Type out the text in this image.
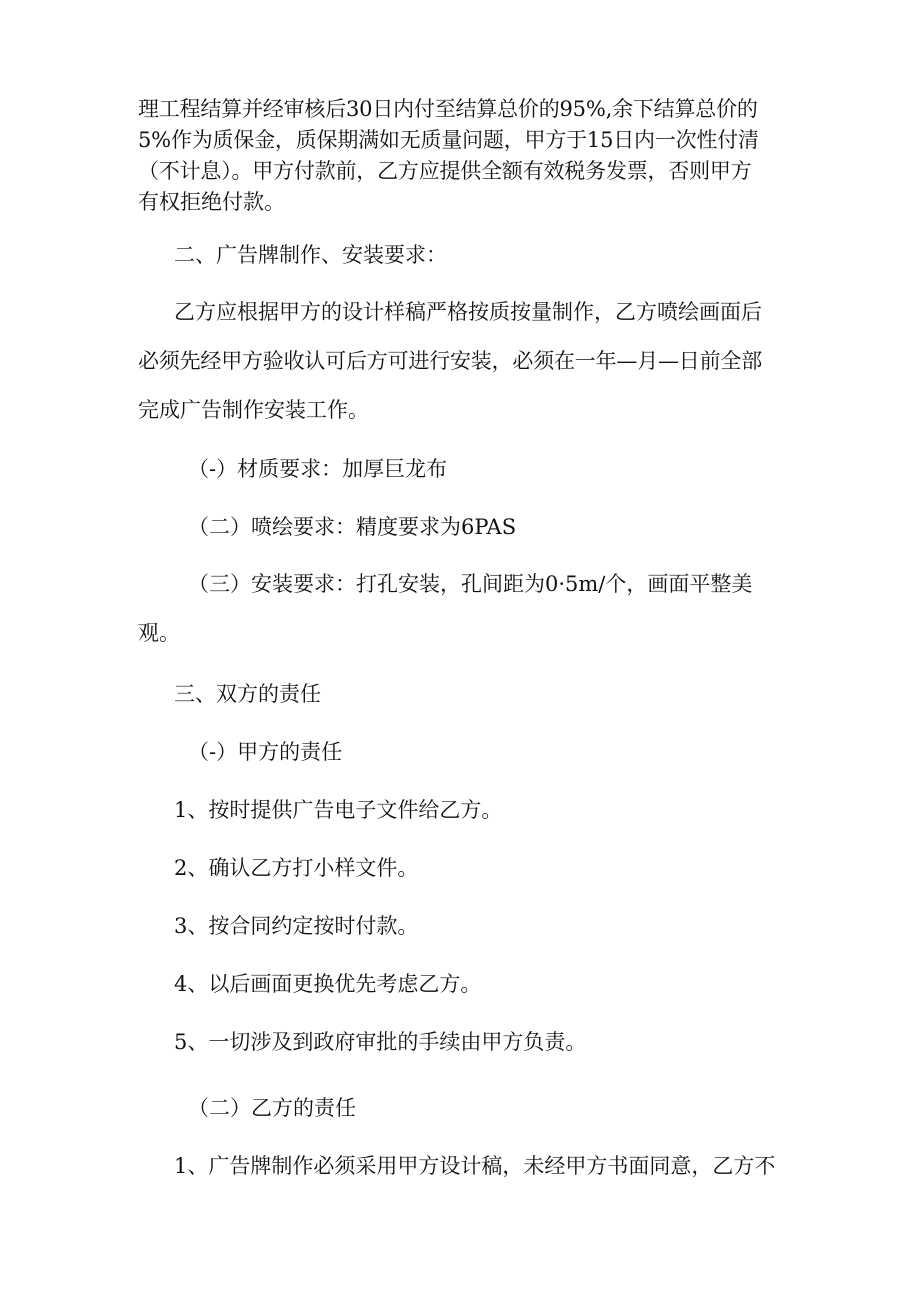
理工程结算并经审核后30日内付至结算总价的95%,余下结算总价的
5%作为质保金，质保期满如无质量问题，甲方于15日内一次性付清
（不计息）。甲方付款前，乙方应提供全额有效税务发票，否则甲方
有权拒绝付款。
二、广告牌制作、安装要求：
乙方应根据甲方的设计样稿严格按质按量制作，乙方喷绘画面后
必须先经甲方验收认可后方可进行安装，必须在一年—月—日前全部
完成广告制作安装工作。
（-）材质要求：加厚巨龙布
（二）喷绘要求：精度要求为6PAS
（三）安装要求：打孔安装，孔间距为0·5m∕个，画面平整美
观。
三、双方的责任
（-）甲方的责任
1、按时提供广告电子文件给乙方。
2、确认乙方打小样文件。
3、按合同约定按时付款。
4、以后画面更换优先考虑乙方。
5、一切涉及到政府审批的手续由甲方负责。
（二）乙方的责任
1、广告牌制作必须采用甲方设计稿，未经甲方书面同意，乙方不
